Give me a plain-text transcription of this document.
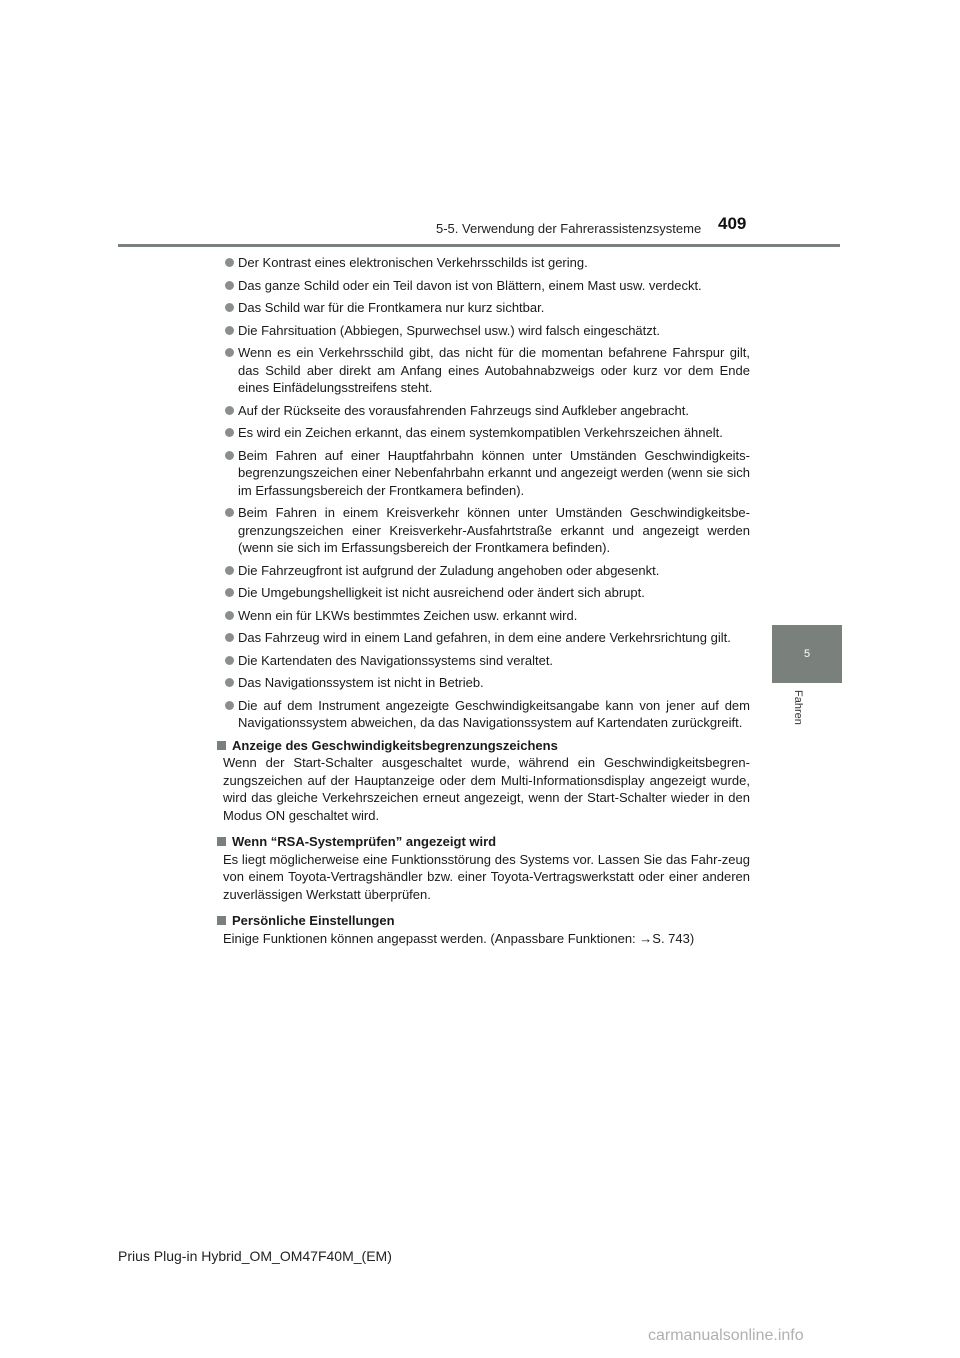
5-5. Verwendung der Fahrerassistenzsysteme 409
5
Fahren
Der Kontrast eines elektronischen Verkehrsschilds ist gering.
Das ganze Schild oder ein Teil davon ist von Blättern, einem Mast usw. verdeckt.
Das Schild war für die Frontkamera nur kurz sichtbar.
Die Fahrsituation (Abbiegen, Spurwechsel usw.) wird falsch eingeschätzt.
Wenn es ein Verkehrsschild gibt, das nicht für die momentan befahrene Fahrspur gilt, das Schild aber direkt am Anfang eines Autobahnabzweigs oder kurz vor dem Ende eines Einfädelungsstreifens steht.
Auf der Rückseite des vorausfahrenden Fahrzeugs sind Aufkleber angebracht.
Es wird ein Zeichen erkannt, das einem systemkompatiblen Verkehrszeichen ähnelt.
Beim Fahren auf einer Hauptfahrbahn können unter Umständen Geschwindigkeits-begrenzungszeichen einer Nebenfahrbahn erkannt und angezeigt werden (wenn sie sich im Erfassungsbereich der Frontkamera befinden).
Beim Fahren in einem Kreisverkehr können unter Umständen Geschwindigkeitsbe-grenzungszeichen einer Kreisverkehr-Ausfahrtstraße erkannt und angezeigt werden (wenn sie sich im Erfassungsbereich der Frontkamera befinden).
Die Fahrzeugfront ist aufgrund der Zuladung angehoben oder abgesenkt.
Die Umgebungshelligkeit ist nicht ausreichend oder ändert sich abrupt.
Wenn ein für LKWs bestimmtes Zeichen usw. erkannt wird.
Das Fahrzeug wird in einem Land gefahren, in dem eine andere Verkehrsrichtung gilt.
Die Kartendaten des Navigationssystems sind veraltet.
Das Navigationssystem ist nicht in Betrieb.
Die auf dem Instrument angezeigte Geschwindigkeitsangabe kann von jener auf dem Navigationssystem abweichen, da das Navigationssystem auf Kartendaten zurückgreift.
Anzeige des Geschwindigkeitsbegrenzungszeichens
Wenn der Start-Schalter ausgeschaltet wurde, während ein Geschwindigkeitsbegren-zungszeichen auf der Hauptanzeige oder dem Multi-Informationsdisplay angezeigt wurde, wird das gleiche Verkehrszeichen erneut angezeigt, wenn der Start-Schalter wieder in den Modus ON geschaltet wird.
Wenn “RSA-Systemprüfen” angezeigt wird
Es liegt möglicherweise eine Funktionsstörung des Systems vor. Lassen Sie das Fahr-zeug von einem Toyota-Vertragshändler bzw. einer Toyota-Vertragswerkstatt oder einer anderen zuverlässigen Werkstatt überprüfen.
Persönliche Einstellungen
Einige Funktionen können angepasst werden. (Anpassbare Funktionen: →S. 743)
Prius Plug-in Hybrid_OM_OM47F40M_(EM)
carmanualsonline.info
